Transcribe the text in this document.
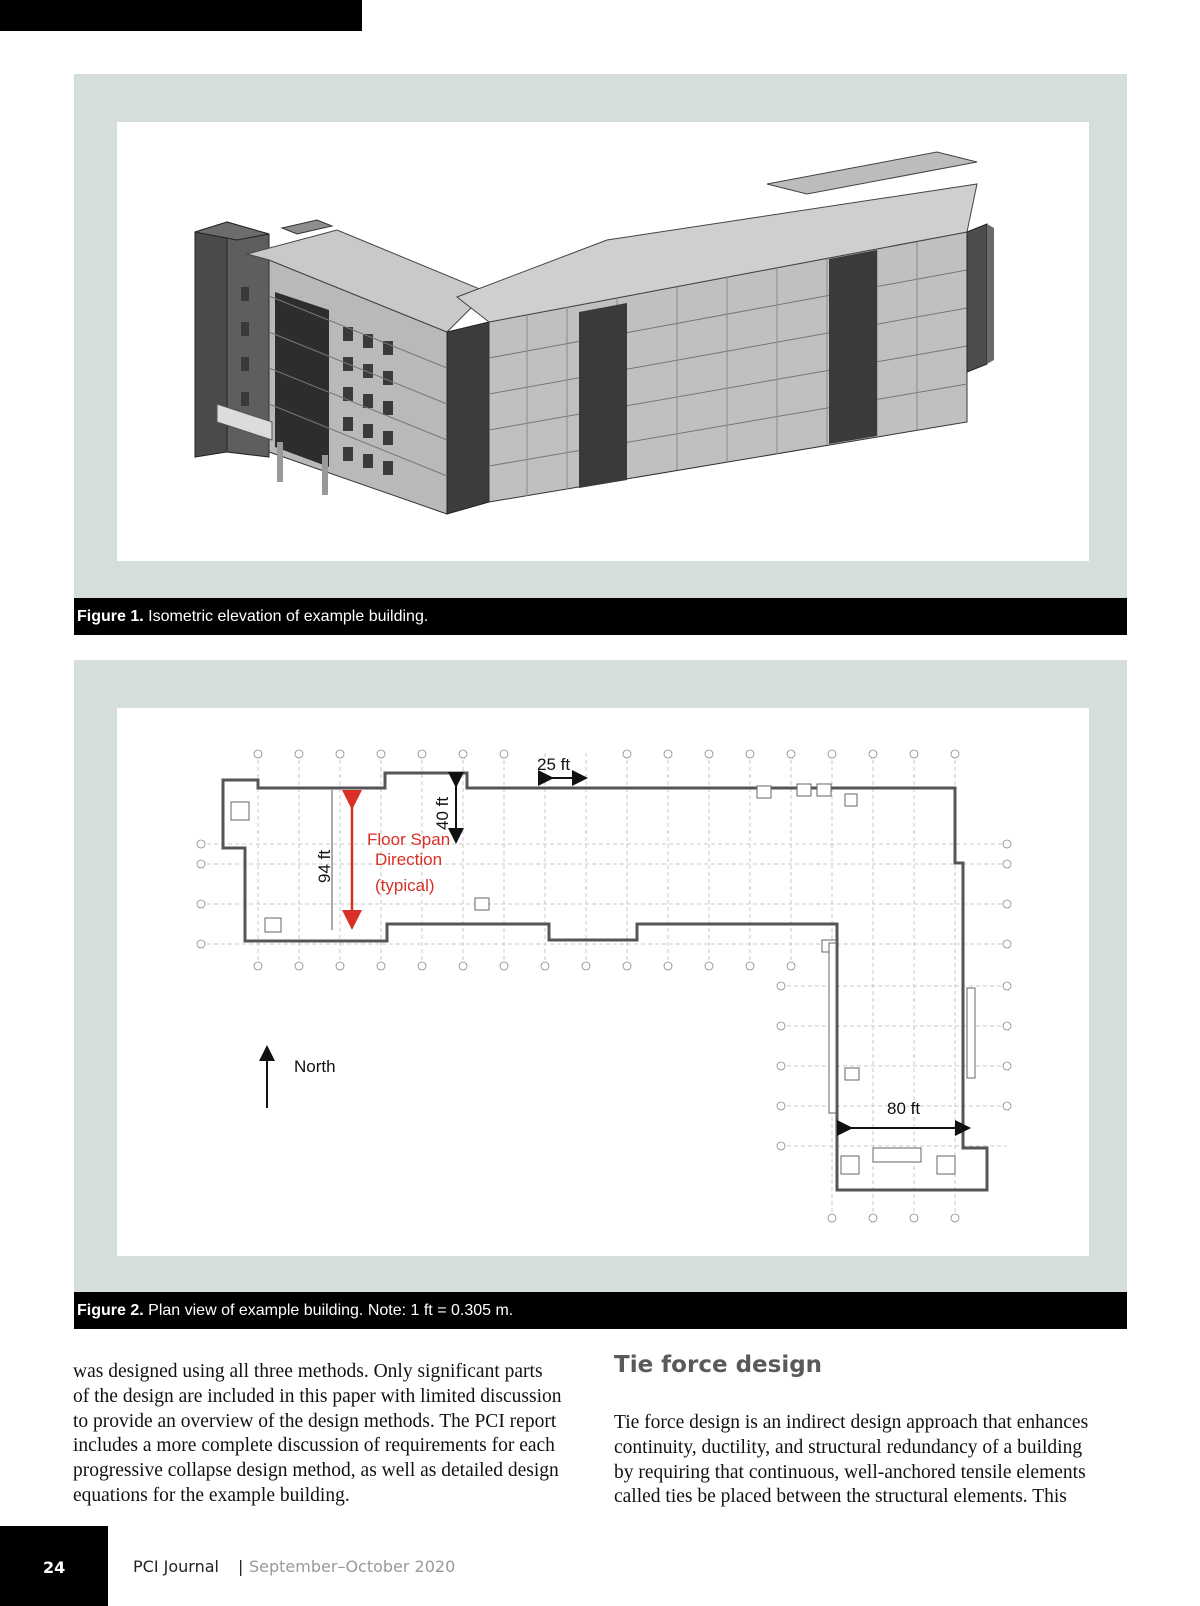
Figure 1. Isometric elevation of example building.
25 ft
40 ft
94 ft
Floor Span
Direction
(typical)
80 ft
North
Figure 2. Plan view of example building. Note: 1 ft = 0.305 m.
was designed using all three methods. Only significant parts
of the design are included in this paper with limited discussion
to provide an overview of the design methods. The PCI report
includes a more complete discussion of requirements for each
progressive collapse design method, as well as detailed design
equations for the example building.
Tie force design
Tie force design is an indirect design approach that enhances
continuity, ductility, and structural redundancy of a building
by requiring that continuous, well-anchored tensile elements
called ties be placed between the structural elements. This
24	PCI Journal | September–October 2020
